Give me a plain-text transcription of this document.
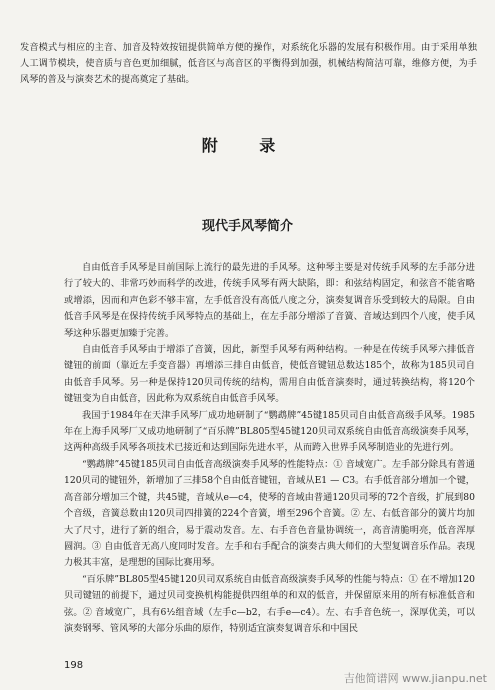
发音模式与相应的主音、加音及特效按钮提供简单方便的操作，对系统化乐器的发展有积极作用。由于采用单独人工调节模块，使音质与音色更加细腻，低音区与高音区的平衡得到加强，机械结构简洁可靠，维修方便，为手风琴的普及与演奏艺术的提高奠定了基础。

附 录
现代手风琴简介

自由低音手风琴是目前国际上流行的最先进的手风琴。这种琴主要是对传统手风琴的左手部分进行了较大的、非常巧妙而科学的改进，传统手风琴有两大缺陷，即：和弦结构固定，和弦音不能省略或增添，因而和声色彩不够丰富，左手低音没有高低八度之分，演奏复调音乐受到较大的局限。自由低音手风琴是在保持传统手风琴特点的基础上，在左手部分增添了音簧、音域达到四个八度，使手风琴这种乐器更加臻于完善。

自由低音手风琴由于增添了音簧，因此，新型手风琴有两种结构。一种是在传统手风琴六排低音键钮的前面（靠近左手变音器）再增添三排自由低音，使低音键钮总数达185个，故称为185贝司自由低音手风琴。另一种是保持120贝司传统的结构，需用自由低音演奏时，通过转换结构，将120个键钮变为自由低音，因此称为双系统自由低音手风琴。

我国于1984年在天津手风琴厂成功地研制了“鹦鹉牌”45键185贝司自由低音高级手风琴。1985年在上海手风琴厂又成功地研制了“百乐牌”BL805型45键120贝司双系统自由低音高级演奏手风琴，这两种高级手风琴各项技术已接近和达到国际先进水平，从而跨入世界手风琴制造业的先进行列。

“鹦鹉牌”45键185贝司自由低音高级演奏手风琴的性能特点：① 音域宽广。左手部分除具有普通120贝司的键钮外，新增加了三排58个自由低音键钮，音域从E1 — C3。右手低音部分增加一个键，高音部分增加三个键，共45键，音域从e—c4，使琴的音域由普通120贝司琴的72个音级，扩展到80个音级，音簧总数由120贝司四排簧的224个音簧，增至296个音簧。② 左、右低音部分的簧片均加大了尺寸，进行了新的组合，易于震动发音。左、右手音色音量协调统一，高音清脆明亮，低音浑厚圆润。③ 自由低音无高八度同时发音。左手和右手配合的演奏古典大师们的大型复调音乐作品。表现力极其丰富，是理想的国际比赛用琴。

“百乐牌”BL805型45键120贝司双系统自由低音高级演奏手风琴的性能与特点：① 在不增加120贝司键钮的前提下，通过贝司变换机构能提供四组单的和双的低音，并保留原来用的所有标准低音和弦。② 音域宽广，具有6½组音域（左手c—b2，右手e—c4）。左、右手音色统一，深厚优美，可以演奏钢琴、管风琴的大部分乐曲的原作，特别适宜演奏复调音乐和中国民

198
吉他简谱网 www.jianpu.net
